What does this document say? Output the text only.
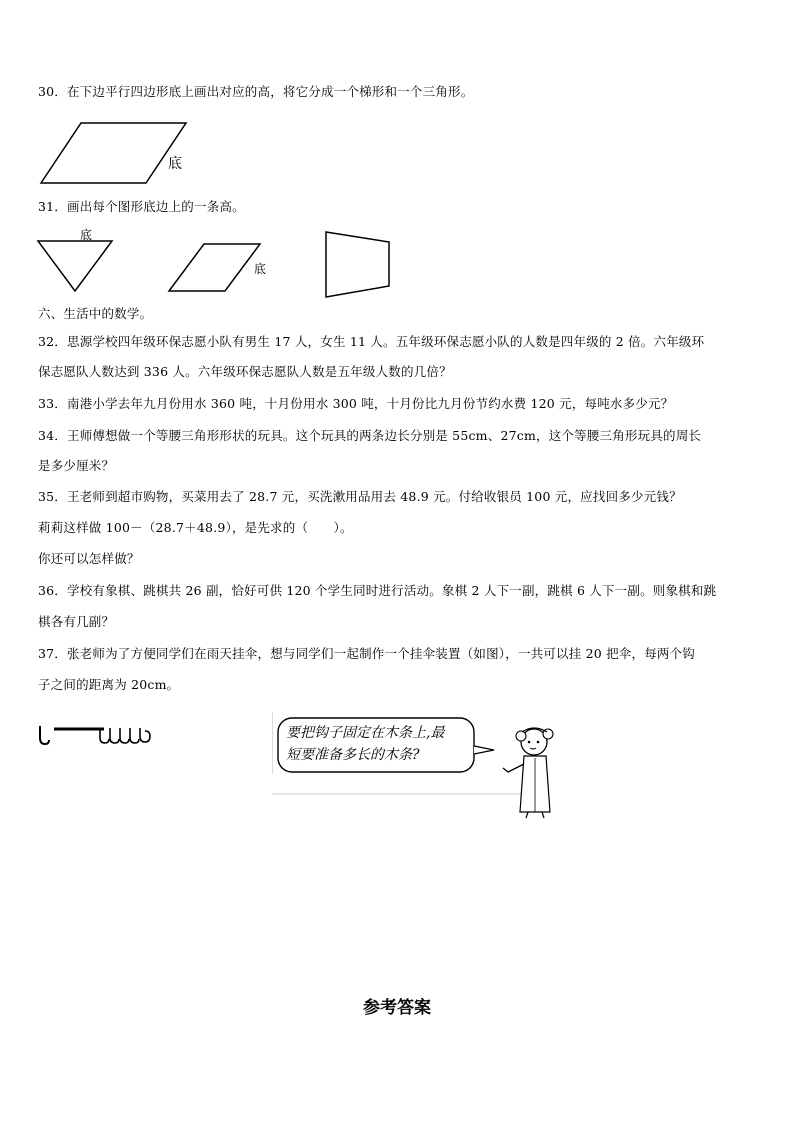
30．在下边平行四边形底上画出对应的高，将它分成一个梯形和一个三角形。
底
31．画出每个图形底边上的一条高。
底
底
六、生活中的数学。
32．思源学校四年级环保志愿小队有男生 17 人，女生 11 人。五年级环保志愿小队的人数是四年级的 2 倍。六年级环
保志愿队人数达到 336 人。六年级环保志愿队人数是五年级人数的几倍？
33．南港小学去年九月份用水 360 吨，十月份用水 300 吨，十月份比九月份节约水费 120 元，每吨水多少元？
34．王师傅想做一个等腰三角形形状的玩具。这个玩具的两条边长分别是 55cm、27cm，这个等腰三角形玩具的周长
是多少厘米？
35．王老师到超市购物，买菜用去了 28.7 元，买洗漱用品用去 48.9 元。付给收银员 100 元，应找回多少元钱？
莉莉这样做 100－（28.7＋48.9），是先求的（　　）。
你还可以怎样做？
36．学校有象棋、跳棋共 26 副，恰好可供 120 个学生同时进行活动。象棋 2 人下一副，跳棋 6 人下一副。则象棋和跳
棋各有几副？
37．张老师为了方便同学们在雨天挂伞，想与同学们一起制作一个挂伞装置（如图），一共可以挂 20 把伞，每两个钩
子之间的距离为 20cm。
要把钩子固定在木条上,最
短要准备多长的木条?
参考答案
